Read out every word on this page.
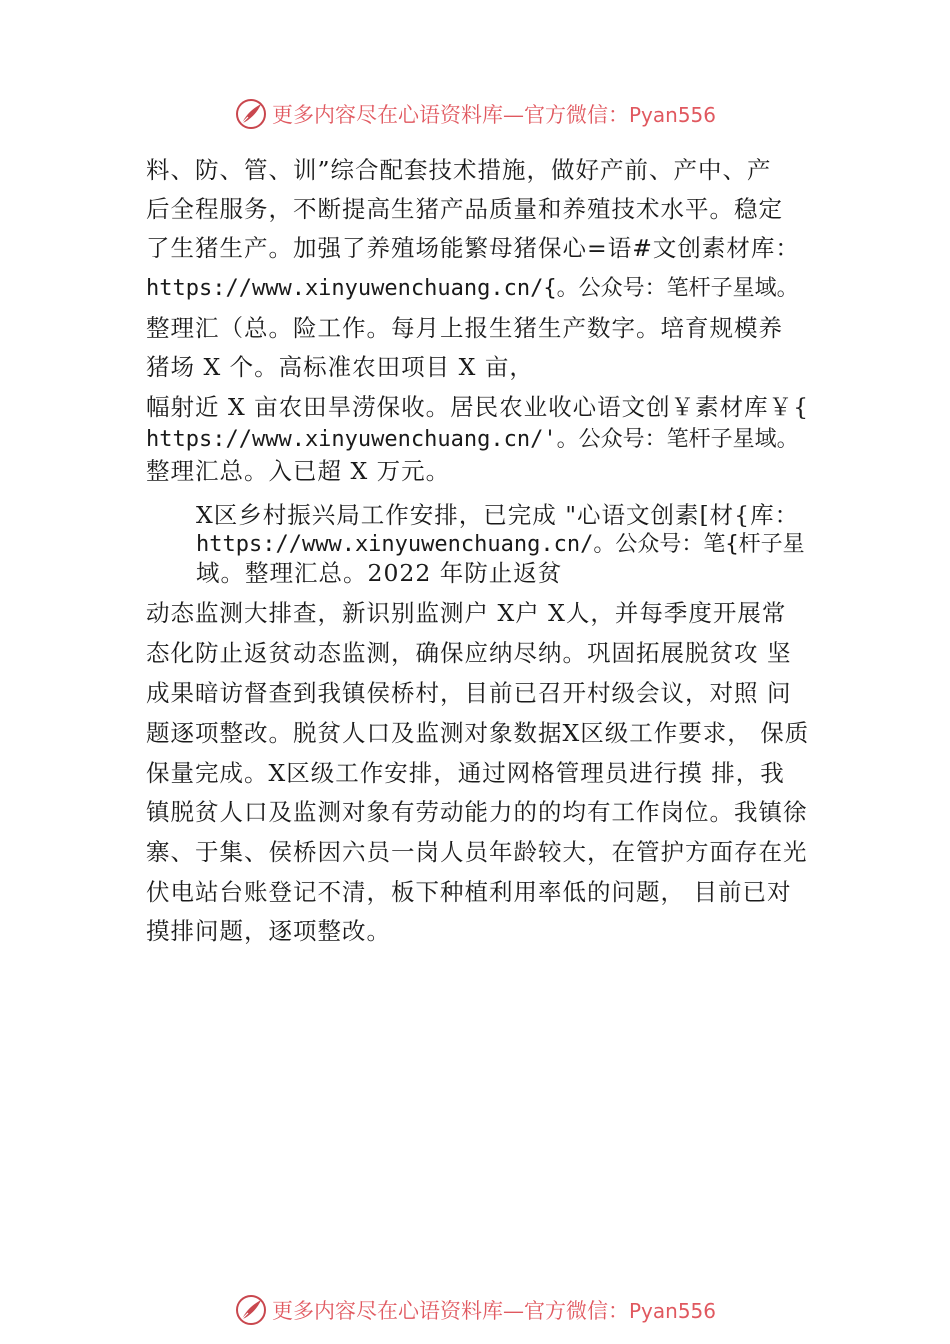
更多内容尽在心语资料库—官方微信：Pyan556
料、防、管、训”综合配套技术措施，做好产前、产中、产
后全程服务，不断提高生猪产品质量和养殖技术水平。稳定
了生猪生产。加强了养殖场能繁母猪保心=语#文创素材库：
https://www.xinyuwenchuang.cn/{。公众号：笔杆子星域。
整理汇（总。险工作。每月上报生猪生产数字。培育规模养
猪场 X 个。高标准农田项目 X 亩，
幅射近 X 亩农田旱涝保收。居民农业收心语文创￥素材库￥{
https://www.xinyuwenchuang.cn/'。公众号：笔杆子星域。
整理汇总。入已超 X 万元。
X区乡村振兴局工作安排，已完成 "心语文创素[材{库：
https://www.xinyuwenchuang.cn/。公众号：笔{杆子星
域。整理汇总。2022 年防止返贫
动态监测大排查，新识别监测户 X户 X人，并每季度开展常
态化防止返贫动态监测，确保应纳尽纳。巩固拓展脱贫攻 坚
成果暗访督查到我镇侯桥村，目前已召开村级会议，对照 问
题逐项整改。脱贫人口及监测对象数据X区级工作要求， 保质
保量完成。X区级工作安排，通过网格管理员进行摸 排，我
镇脱贫人口及监测对象有劳动能力的的均有工作岗位。我镇徐
寨、于集、侯桥因六员一岗人员年龄较大，在管护方面存在光
伏电站台账登记不清，板下种植利用率低的问题， 目前已对
摸排问题，逐项整改。
更多内容尽在心语资料库—官方微信：Pyan556
